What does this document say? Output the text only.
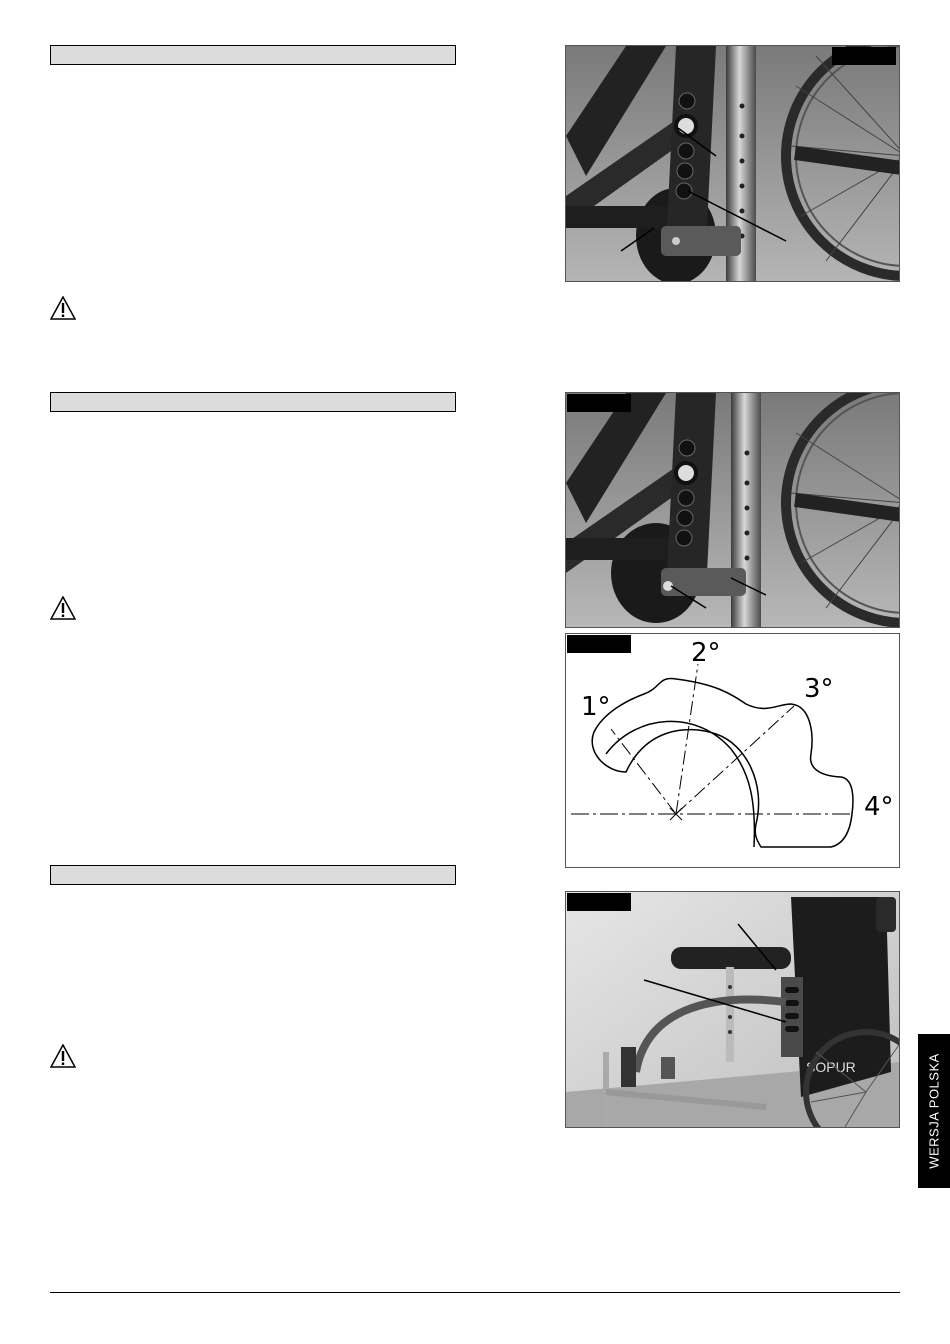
1°
2°
3°
4°
SOPUR	WERSJA POLSKA
